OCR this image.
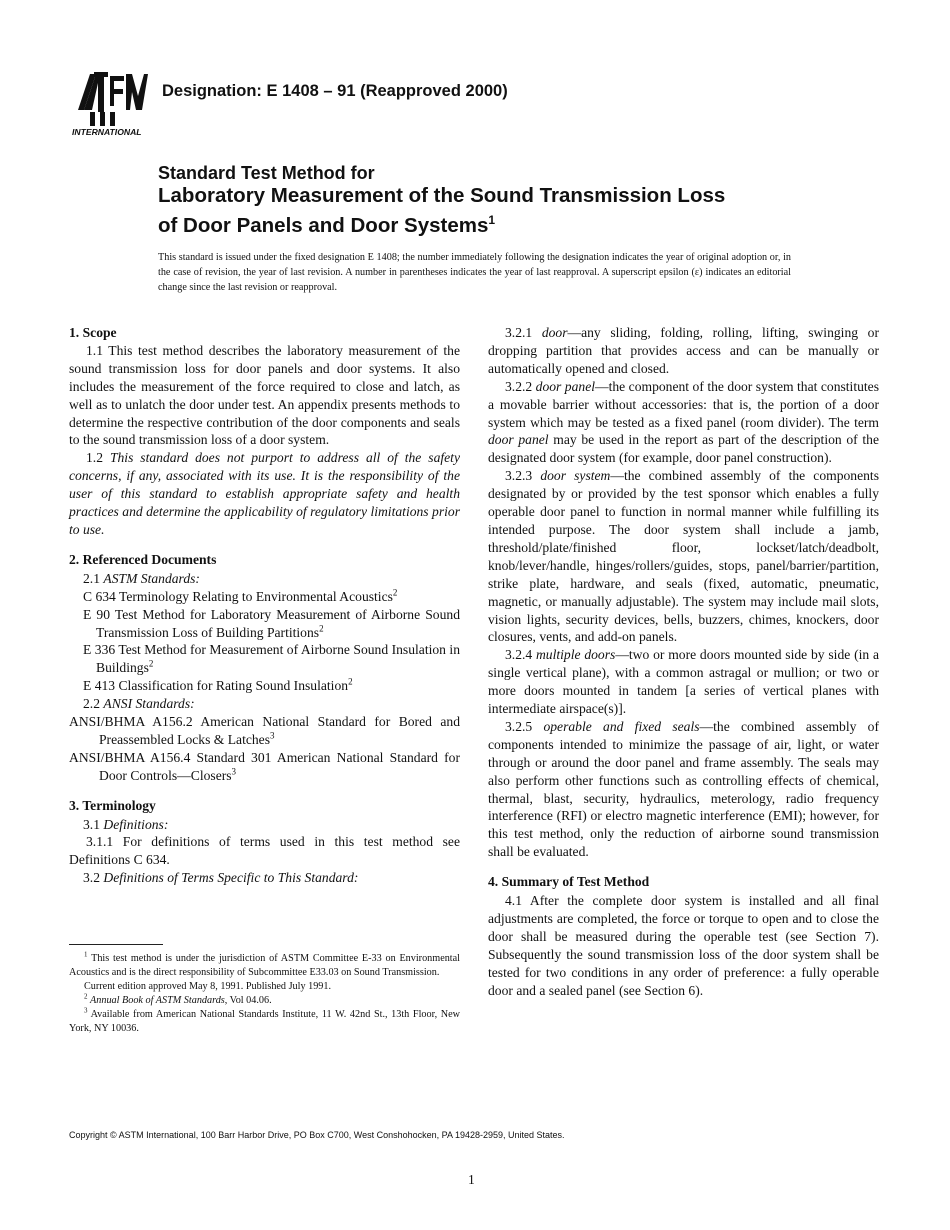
INTERNATIONAL
Designation: E 1408 – 91 (Reapproved 2000)
Standard Test Method for
Laboratory Measurement of the Sound Transmission Loss
of Door Panels and Door Systems$^1$
This standard is issued under the fixed designation E 1408; the number immediately following the designation indicates the year of original adoption or, in the case of revision, the year of last revision. A number in parentheses indicates the year of last reapproval. A superscript epsilon (ε) indicates an editorial change since the last revision or reapproval.
1. Scope

1.1 This test method describes the laboratory measurement of the sound transmission loss for door panels and door systems. It also includes the measurement of the force required to close and latch, as well as to unlatch the door under test. An appendix presents methods to determine the respective contribution of the door components and seals to the sound transmission loss of a door system.

1.2 This standard does not purport to address all of the safety concerns, if any, associated with its use. It is the responsibility of the user of this standard to establish appropriate safety and health practices and determine the applicability of regulatory limitations prior to use.

2. Referenced Documents

2.1 ASTM Standards:

C 634 Terminology Relating to Environmental Acoustics$^2$

E 90 Test Method for Laboratory Measurement of Airborne Sound Transmission Loss of Building Partitions$^2$

E 336 Test Method for Measurement of Airborne Sound Insulation in Buildings$^2$

E 413 Classification for Rating Sound Insulation$^2$

2.2 ANSI Standards:

ANSI/BHMA A156.2 American National Standard for Bored and Preassembled Locks & Latches$^3$

ANSI/BHMA A156.4 Standard 301 American National Standard for Door Controls—Closers$^3$

3. Terminology

3.1 Definitions:

3.1.1 For definitions of terms used in this test method see Definitions C 634.

3.2 Definitions of Terms Specific to This Standard:

3.2.1 door—any sliding, folding, rolling, lifting, swinging or dropping partition that provides access and can be manually or automatically opened and closed.

3.2.2 door panel—the component of the door system that constitutes a movable barrier without accessories: that is, the portion of a door system which may be tested as a fixed panel (room divider). The term door panel may be used in the report as part of the description of the designated door system (for example, door panel construction).

3.2.3 door system—the combined assembly of the components designated by or provided by the test sponsor which enables a fully operable door panel to function in normal manner while fulfilling its intended purpose. The door system shall include a jamb, threshold/plate/finished floor, lockset/latch/deadbolt, knob/lever/handle, hinges/rollers/guides, stops, panel/barrier/partition, strike plate, hardware, and seals (fixed, automatic, pneumatic, magnetic, or manually adjustable). The system may include mail slots, vision lights, security devices, bells, buzzers, chimes, knockers, door closures, vents, and add-on panels.

3.2.4 multiple doors—two or more doors mounted side by side (in a single vertical plane), with a common astragal or mullion; or two or more doors mounted in tandem [a series of vertical planes with intermediate airspace(s)].

3.2.5 operable and fixed seals—the combined assembly of components intended to minimize the passage of air, light, or water through or around the door panel and frame assembly. The seals may also perform other functions such as controlling effects of chemical, thermal, blast, security, hydraulics, meterology, radio frequency interference (RFI) or electro magnetic interference (EMI); however, for this test method, only the reduction of airborne sound transmission shall be evaluated.

4. Summary of Test Method

4.1 After the complete door system is installed and all final adjustments are completed, the force or torque to open and to close the door shall be measured during the operable test (see Section 7). Subsequently the sound transmission loss of the door system shall be tested for two conditions in any order of preference: a fully operable door and a sealed panel (see Section 6).

$^1$ This test method is under the jurisdiction of ASTM Committee E-33 on Environmental Acoustics and is the direct responsibility of Subcommittee E33.03 on Sound Transmission.

Current edition approved May 8, 1991. Published July 1991.

$^2$ Annual Book of ASTM Standards, Vol 04.06.

$^3$ Available from American National Standards Institute, 11 W. 42nd St., 13th Floor, New York, NY 10036.

Copyright © ASTM International, 100 Barr Harbor Drive, PO Box C700, West Conshohocken, PA 19428-2959, United States.
1
